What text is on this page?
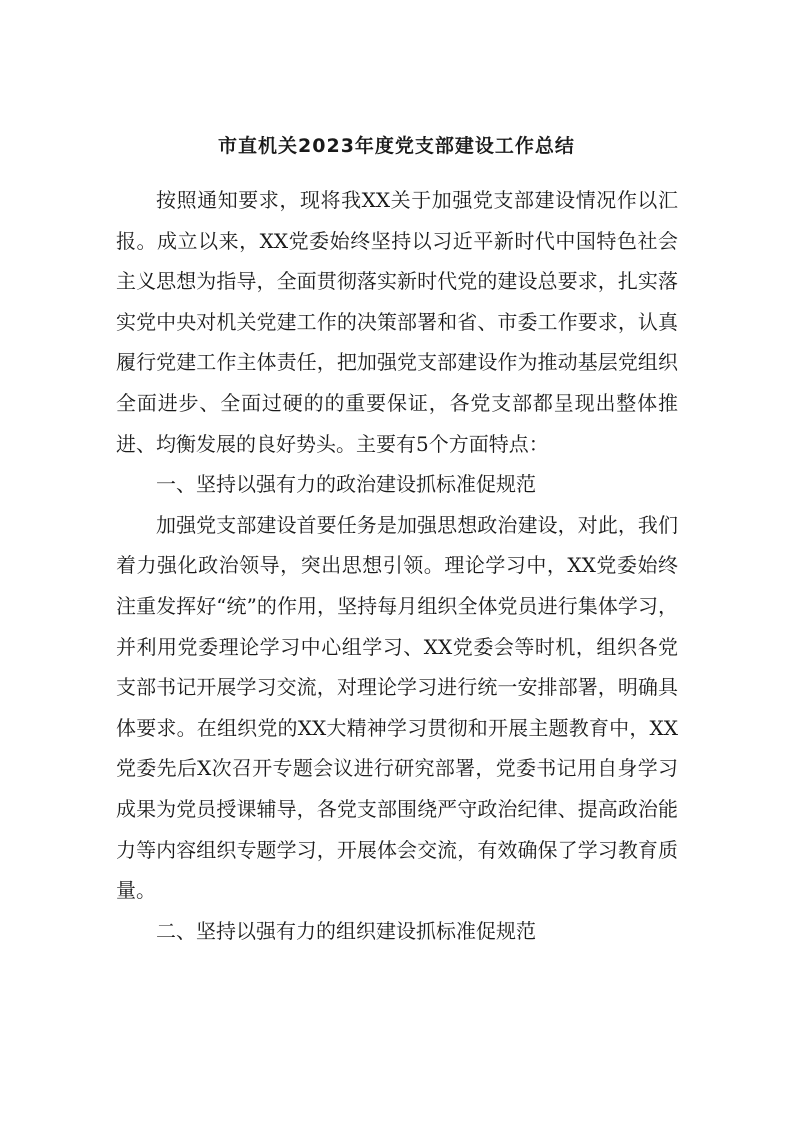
市直机关2023年度党支部建设工作总结

按照通知要求，现将我XX关于加强党支部建设情况作以汇报。成立以来，XX党委始终坚持以习近平新时代中国特色社会主义思想为指导，全面贯彻落实新时代党的建设总要求，扎实落实党中央对机关党建工作的决策部署和省、市委工作要求，认真履行党建工作主体责任，把加强党支部建设作为推动基层党组织全面进步、全面过硬的的重要保证，各党支部都呈现出整体推进、均衡发展的良好势头。主要有5个方面特点：

一、坚持以强有力的政治建设抓标准促规范

加强党支部建设首要任务是加强思想政治建设，对此，我们着力强化政治领导，突出思想引领。理论学习中，XX党委始终注重发挥好“统”的作用，坚持每月组织全体党员进行集体学习，并利用党委理论学习中心组学习、XX党委会等时机，组织各党支部书记开展学习交流，对理论学习进行统一安排部署，明确具体要求。在组织党的XX大精神学习贯彻和开展主题教育中，XX党委先后X次召开专题会议进行研究部署，党委书记用自身学习成果为党员授课辅导，各党支部围绕严守政治纪律、提高政治能力等内容组织专题学习，开展体会交流，有效确保了学习教育质量。

二、坚持以强有力的组织建设抓标准促规范
